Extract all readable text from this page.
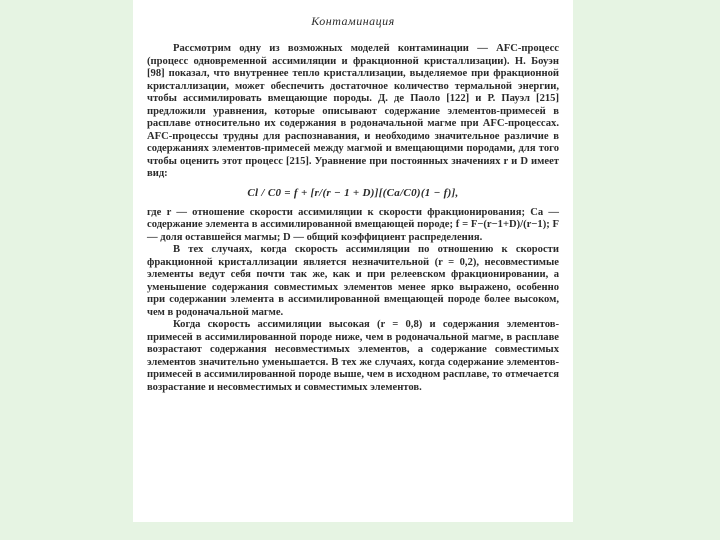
Контаминация

Рассмотрим одну из возможных моделей контаминации — AFC-процесс (процесс одновременной ассимиляции и фракционной кристаллизации). Н. Боуэн [98] показал, что внутреннее тепло кристаллизации, выделяемое при фракционной кристаллизации, может обеспечить достаточное количество термальной энергии, чтобы ассимилировать вмещающие породы. Д. де Паоло [122] и Р. Пауэл [215] предложили уравнения, которые описывают содержание элементов-примесей в расплаве относительно их содержания в родоначальной магме при AFC-процессах. AFC-процессы трудны для распознавания, и необходимо значительное различие в содержаниях элементов-примесей между магмой и вмещающими породами, для того чтобы оценить этот процесс [215]. Уравнение при постоянных значениях r и D имеет вид:

Cl / C0 = f + [r/(r − 1 + D)][(Ca/C0)(1 − f)],

где r — отношение скорости ассимиляции к скорости фракционирования; Ca — содержание элемента в ассимилированной вмещающей породе; f = F−(r−1+D)/(r−1); F — доля оставшейся магмы; D — общий коэффициент распределения.

В тех случаях, когда скорость ассимиляции по отношению к скорости фракционной кристаллизации является незначительной (r = 0,2), несовместимые элементы ведут себя почти так же, как и при релеевском фракционировании, а уменьшение содержания совместимых элементов менее ярко выражено, особенно при содержании элемента в ассимилированной вмещающей породе более высоком, чем в родоначальной магме.

Когда скорость ассимиляции высокая (r = 0,8) и содержания элементов-примесей в ассимилированной породе ниже, чем в родоначальной магме, в расплаве возрастают содержания несовместимых элементов, а содержание совместимых элементов значительно уменьшается. В тех же случаях, когда содержание элементов-примесей в ассимилированной породе выше, чем в исходном расплаве, то отмечается возрастание и несовместимых и совместимых элементов.
